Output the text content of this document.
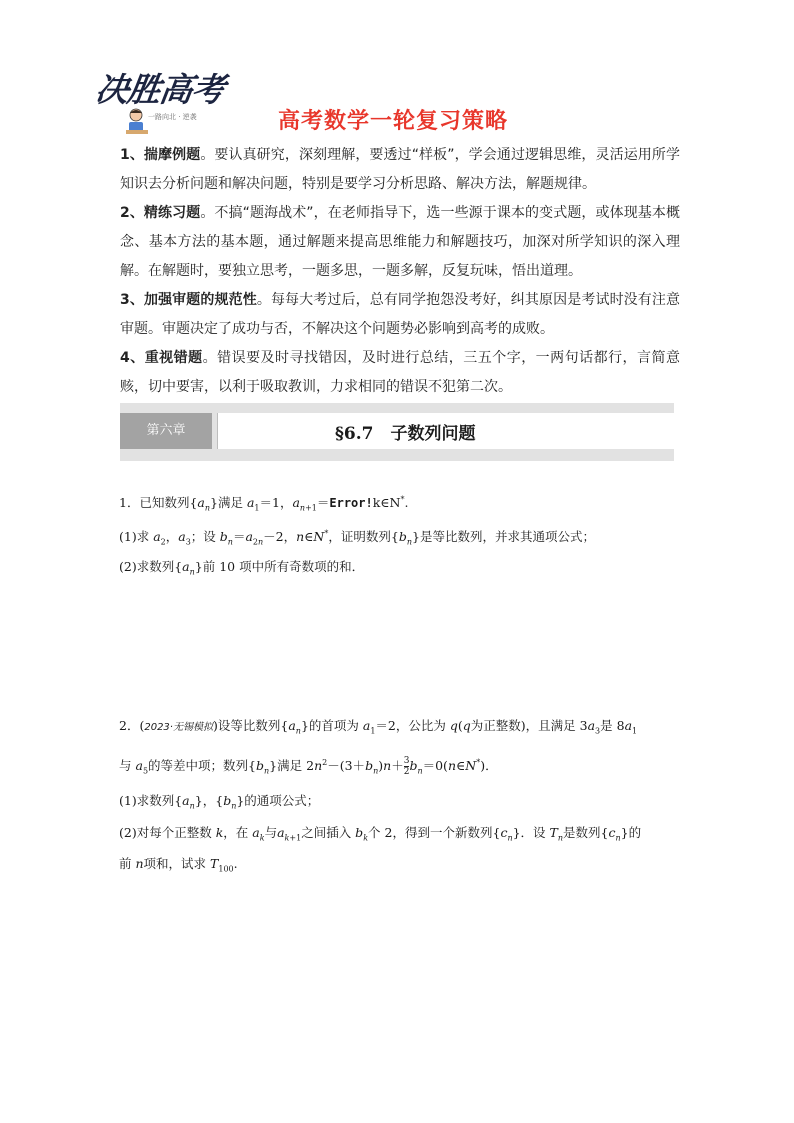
决胜高考
一路向北 · 逆袭	高考数学一轮复习策略

1、揣摩例题。要认真研究，深刻理解，要透过“样板”，学会通过逻辑思维，灵活运用所学知识去分析问题和解决问题，特别是要学习分析思路、解决方法，解题规律。

2、精练习题。不搞“题海战术”，在老师指导下，选一些源于课本的变式题，或体现基本概念、基本方法的基本题，通过解题来提高思维能力和解题技巧，加深对所学知识的深入理解。在解题时，要独立思考，一题多思，一题多解，反复玩味，悟出道理。

3、加强审题的规范性。每每大考过后，总有同学抱怨没考好，纠其原因是考试时没有注意审题。审题决定了成功与否，不解决这个问题势必影响到高考的成败。

4、重视错题。错误要及时寻找错因，及时进行总结，三五个字，一两句话都行，言简意赅，切中要害，以利于吸取教训，力求相同的错误不犯第二次。

第六章	§6.7　子数列问题

1．已知数列$\{a_n\}$满足 $a_1=1$，$a_{n+1}=Error!k\in N^*$.

(1)求 $a_2$，$a_3$；设 $b_n=a_{2n}-2$，n∈N*，证明数列$\{b_n\}$是等比数列，并求其通项公式；

(2)求数列$\{a_n\}$前 10 项中所有奇数项的和．

2．(2023·无锡模拟)设等比数列$\{a_n\}$的首项为 $a_1=2$，公比为 q(q为正整数)，且满足 $3a_3$是 $8a_1$

与 $a_5$的等差中项；数列$\{b_n\}$满足 $2n^2-(3+b_n)n+ \frac{3}{2}$ $b_n=0(n\in N^*)$．

(1)求数列$\{a_n\}$，$\{b_n\}$的通项公式；

(2)对每个正整数 k，在 $a_k$与$a_{k+1}$之间插入 $b_k$个 2，得到一个新数列$\{c_n\}$．设 $T_n$是数列$\{c_n\}$的

前 n项和，试求 $T_{100}$.
